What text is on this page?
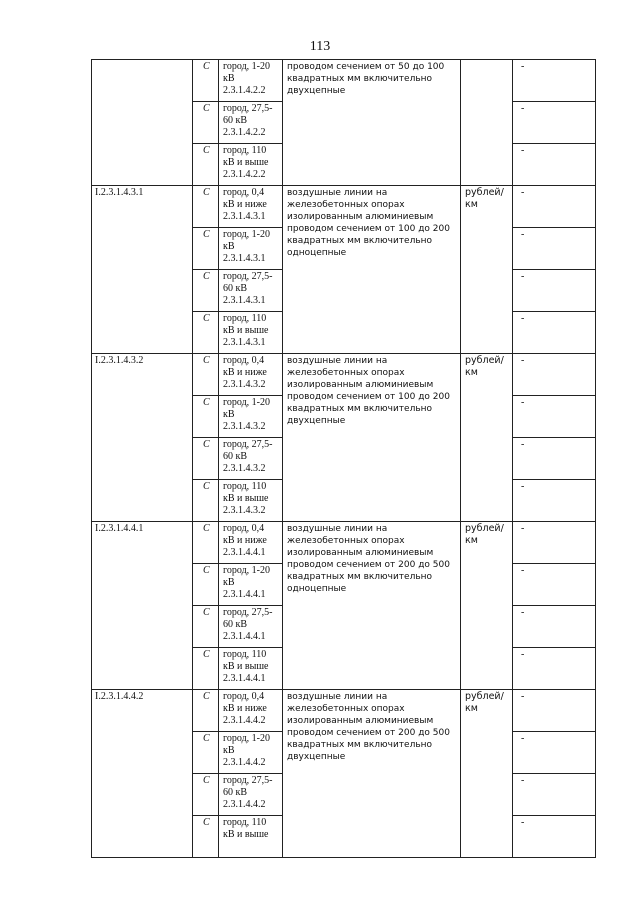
113
	С	город, 1-20 кВ 2.3.1.4.2.2	проводом сечением от 50 до 100 квадратных мм включительно двухцепные		-
	С	город, 27,5-60 кВ 2.3.1.4.2.2			-
	С	город, 110 кВ и выше 2.3.1.4.2.2			-
I.2.3.1.4.3.1	С	город, 0,4 кВ и ниже 2.3.1.4.3.1	воздушные линии на железобетонных опорах изолированным алюминиевым проводом сечением от 100 до 200 квадратных мм включительно одноцепные	рублей/км	-
	С	город, 1-20 кВ 2.3.1.4.3.1			-
	С	город, 27,5-60 кВ 2.3.1.4.3.1			-
	С	город, 110 кВ и выше 2.3.1.4.3.1			-
I.2.3.1.4.3.2	С	город, 0,4 кВ и ниже 2.3.1.4.3.2	воздушные линии на железобетонных опорах изолированным алюминиевым проводом сечением от 100 до 200 квадратных мм включительно двухцепные	рублей/км	-
	С	город, 1-20 кВ 2.3.1.4.3.2			-
	С	город, 27,5-60 кВ 2.3.1.4.3.2			-
	С	город, 110 кВ и выше 2.3.1.4.3.2			-
I.2.3.1.4.4.1	С	город, 0,4 кВ и ниже 2.3.1.4.4.1	воздушные линии на железобетонных опорах изолированным алюминиевым проводом сечением от 200 до 500 квадратных мм включительно одноцепные	рублей/км	-
	С	город, 1-20 кВ 2.3.1.4.4.1			-
	С	город, 27,5-60 кВ 2.3.1.4.4.1			-
	С	город, 110 кВ и выше 2.3.1.4.4.1			-
I.2.3.1.4.4.2	С	город, 0,4 кВ и ниже 2.3.1.4.4.2	воздушные линии на железобетонных опорах изолированным алюминиевым проводом сечением от 200 до 500 квадратных мм включительно двухцепные	рублей/км	-
	С	город, 1-20 кВ 2.3.1.4.4.2			-
	С	город, 27,5-60 кВ 2.3.1.4.4.2			-
	С	город, 110 кВ и выше			-
